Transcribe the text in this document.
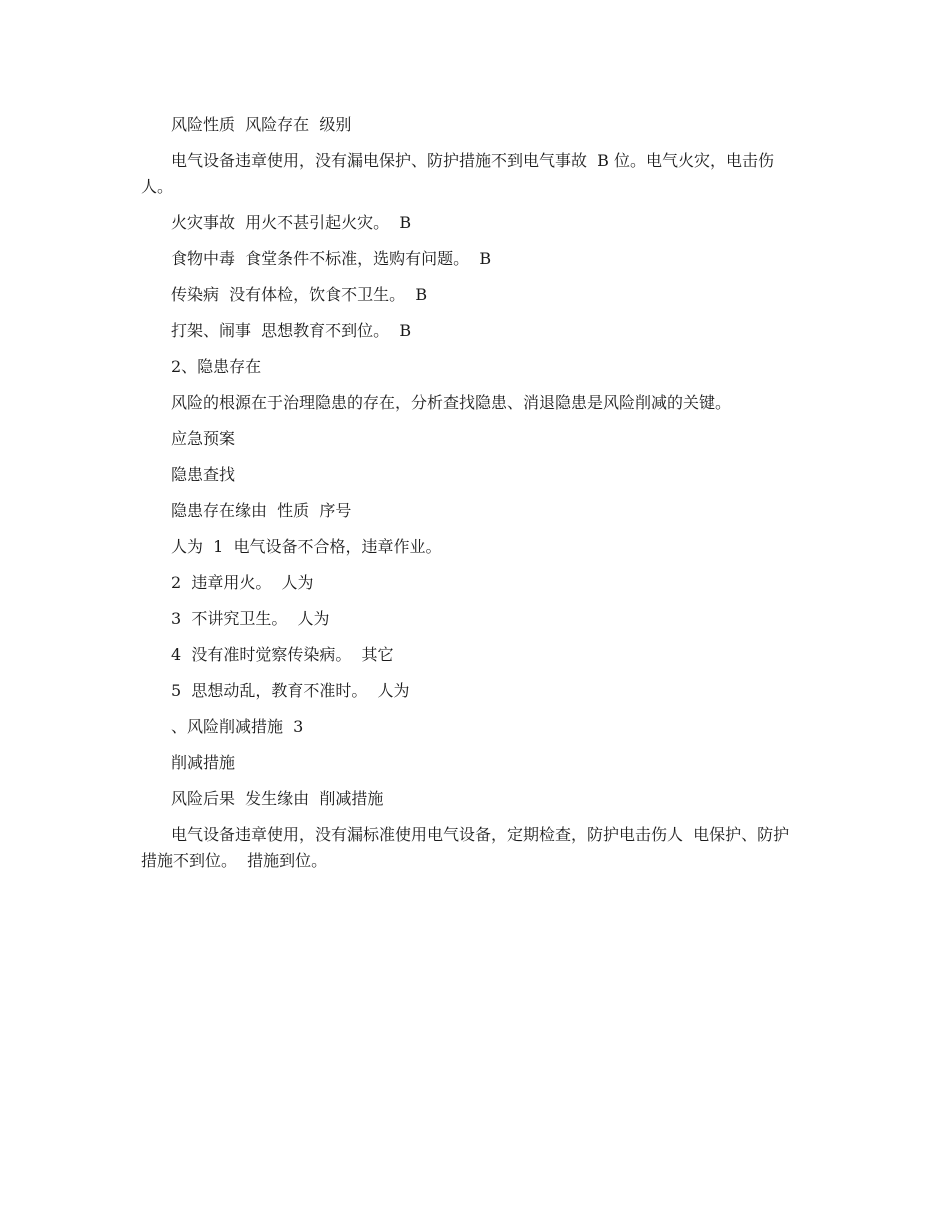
风险性质  风险存在  级别

电气设备违章使用，没有漏电保护、防护措施不到电气事故  B 位。电气火灾，电击伤人。

火灾事故  用火不甚引起火灾。  B

食物中毒  食堂条件不标准，选购有问题。  B

传染病  没有体检，饮食不卫生。  B

打架、闹事  思想教育不到位。  B

2、隐患存在

风险的根源在于治理隐患的存在，分析查找隐患、消退隐患是风险削减的关键。

应急预案

隐患查找

隐患存在缘由  性质  序号

人为  1  电气设备不合格，违章作业。

2  违章用火。  人为

3  不讲究卫生。  人为

4  没有准时觉察传染病。  其它

5  思想动乱，教育不准时。  人为

、风险削减措施  3

削减措施

风险后果  发生缘由  削减措施

电气设备违章使用，没有漏标准使用电气设备，定期检查，防护电击伤人  电保护、防护措施不到位。  措施到位。
